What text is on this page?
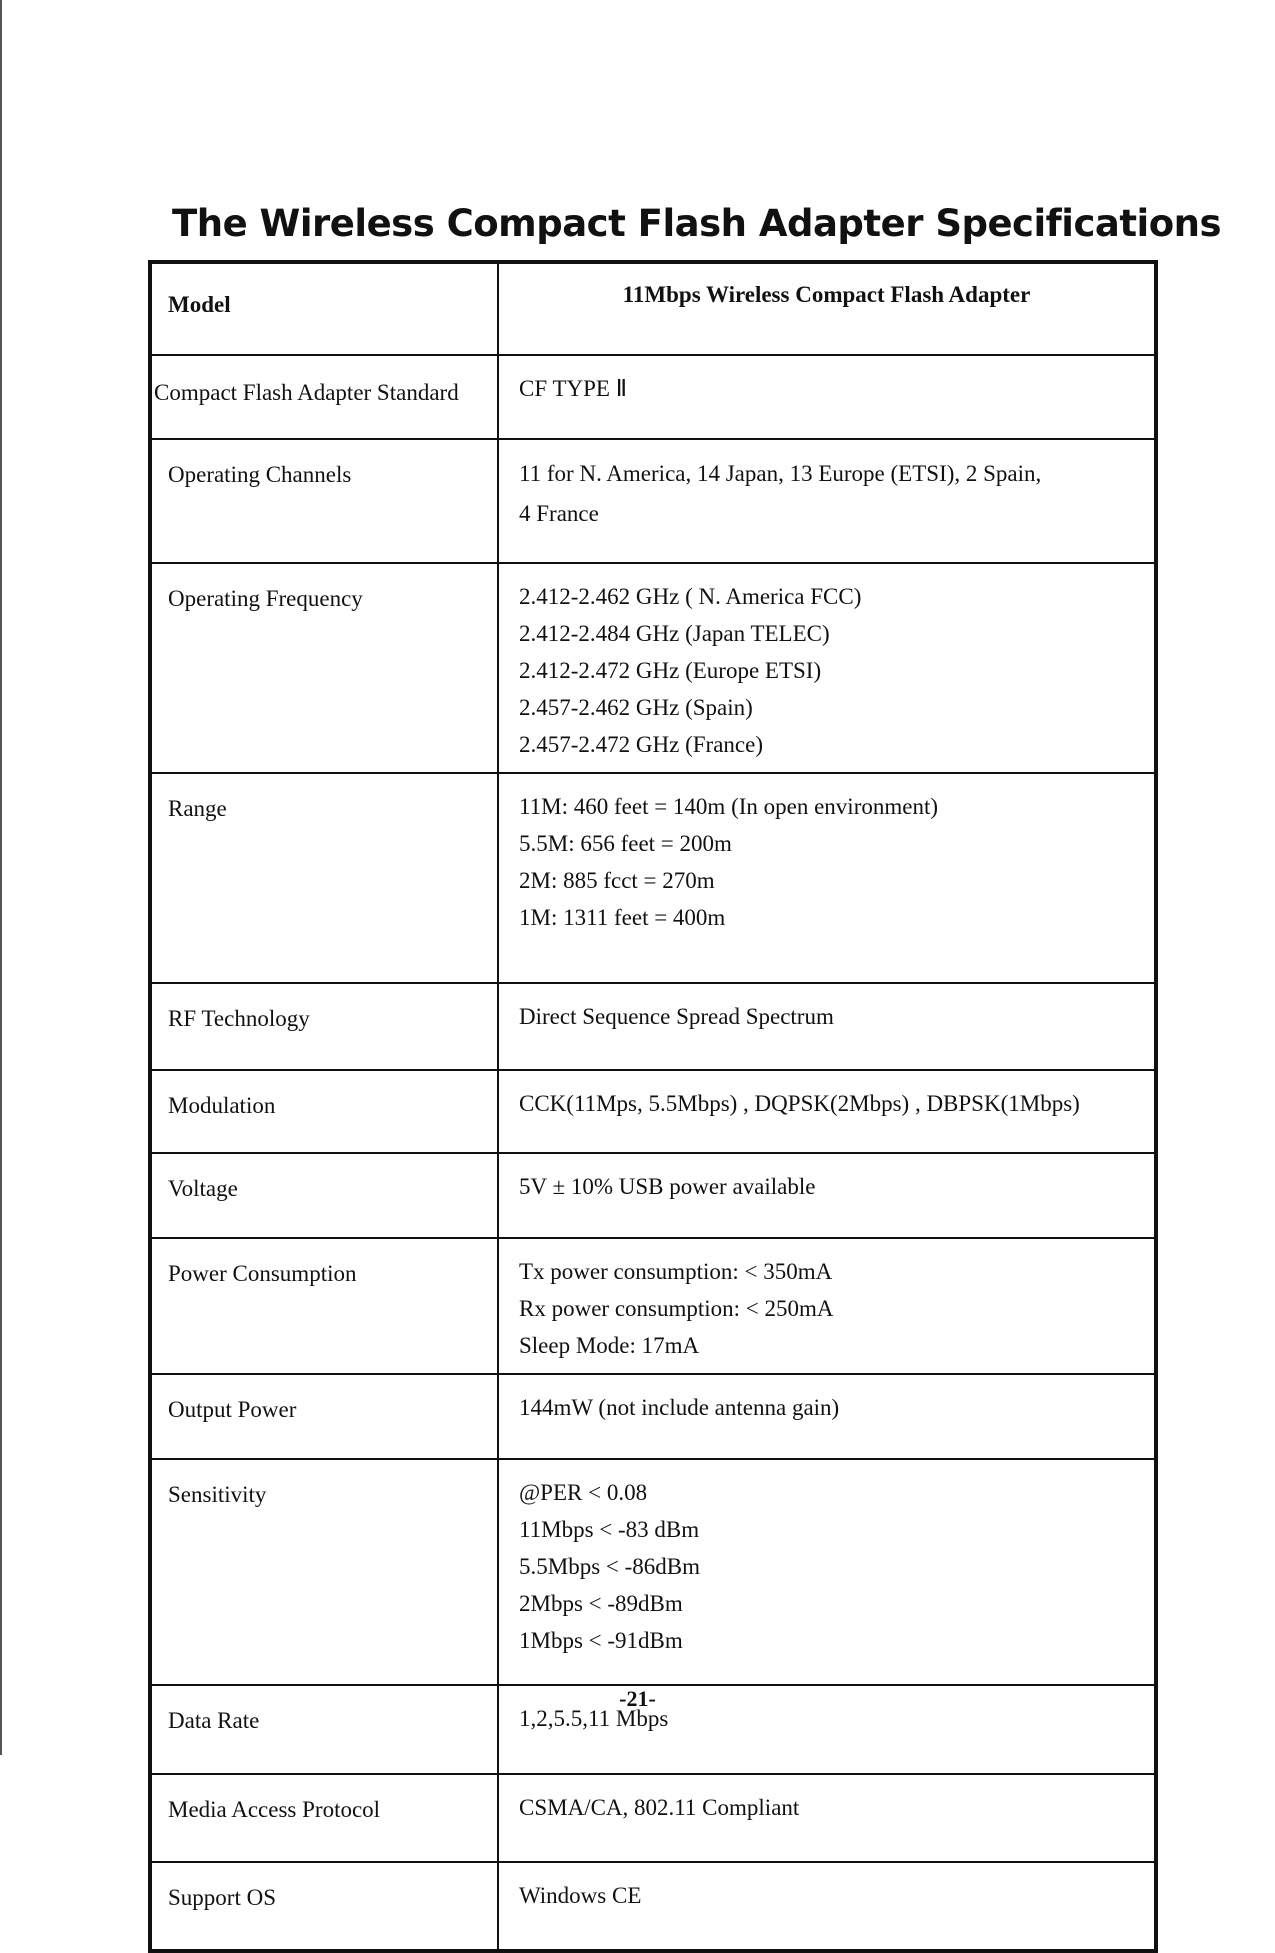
The Wireless Compact Flash Adapter Specifications
Model	11Mbps Wireless Compact Flash Adapter
Compact Flash Adapter Standard	CF TYPE Ⅱ

Operating Channels	11 for N. America, 14 Japan, 13 Europe (ETSI), 2 Spain,
4 France

Operating Frequency	2.412-2.462 GHz ( N. America FCC)
2.412-2.484 GHz (Japan TELEC)
2.412-2.472 GHz (Europe ETSI)
2.457-2.462 GHz (Spain)
2.457-2.472 GHz (France)

Range	11M: 460 feet = 140m (In open environment)
5.5M: 656 feet = 200m
2M: 885 fcct = 270m
1M: 1311 feet = 400m

RF Technology	Direct Sequence Spread Spectrum

Modulation	CCK(11Mps, 5.5Mbps) , DQPSK(2Mbps) , DBPSK(1Mbps)

Voltage	5V ± 10% USB power available

Power Consumption	Tx power consumption: < 350mA
Rx power consumption: < 250mA
Sleep Mode: 17mA

Output Power	144mW (not include antenna gain)

Sensitivity	@PER < 0.08
11Mbps < -83 dBm
5.5Mbps < -86dBm
2Mbps < -89dBm
1Mbps < -91dBm

Data Rate	1,2,5.5,11 Mbps

Media Access Protocol	CSMA/CA, 802.11 Compliant

Support OS	Windows CE
-21-
